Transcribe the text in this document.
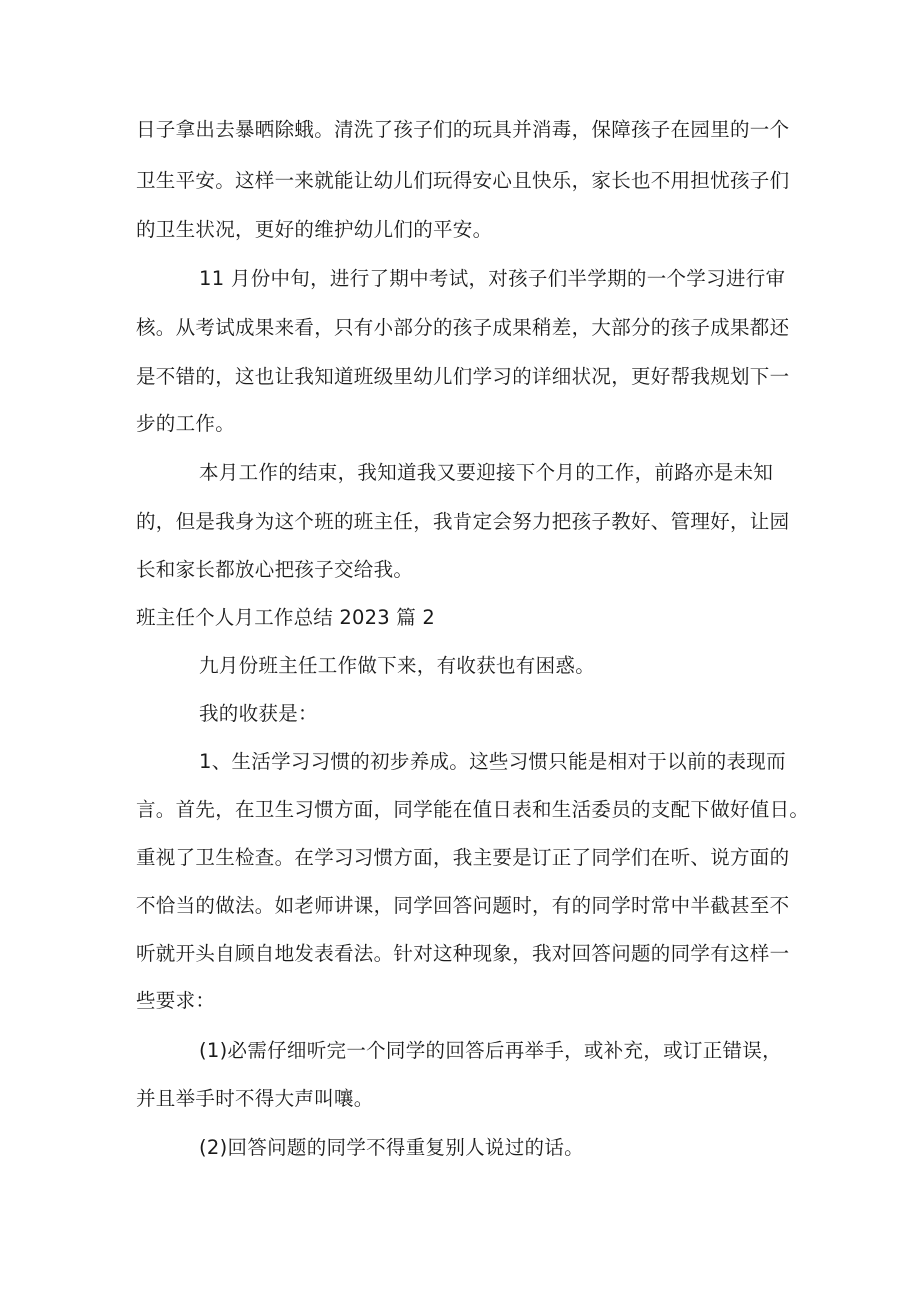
日子拿出去暴晒除蛾。清洗了孩子们的玩具并消毒，保障孩子在园里的一个
卫生平安。这样一来就能让幼儿们玩得安心且快乐，家长也不用担忧孩子们
的卫生状况，更好的维护幼儿们的平安。
11 月份中旬，进行了期中考试，对孩子们半学期的一个学习进行审
核。从考试成果来看，只有小部分的孩子成果稍差，大部分的孩子成果都还
是不错的，这也让我知道班级里幼儿们学习的详细状况，更好帮我规划下一
步的工作。
本月工作的结束，我知道我又要迎接下个月的工作，前路亦是未知
的，但是我身为这个班的班主任，我肯定会努力把孩子教好、管理好，让园
长和家长都放心把孩子交给我。
班主任个人月工作总结 2023 篇 2
九月份班主任工作做下来，有收获也有困惑。
我的收获是：
1、生活学习习惯的初步养成。这些习惯只能是相对于以前的表现而
言。首先，在卫生习惯方面，同学能在值日表和生活委员的支配下做好值日。
重视了卫生检查。在学习习惯方面，我主要是订正了同学们在听、说方面的
不恰当的做法。如老师讲课，同学回答问题时，有的同学时常中半截甚至不
听就开头自顾自地发表看法。针对这种现象，我对回答问题的同学有这样一
些要求：
(1)必需仔细听完一个同学的回答后再举手，或补充，或订正错误，
并且举手时不得大声叫嚷。
(2)回答问题的同学不得重复别人说过的话。
